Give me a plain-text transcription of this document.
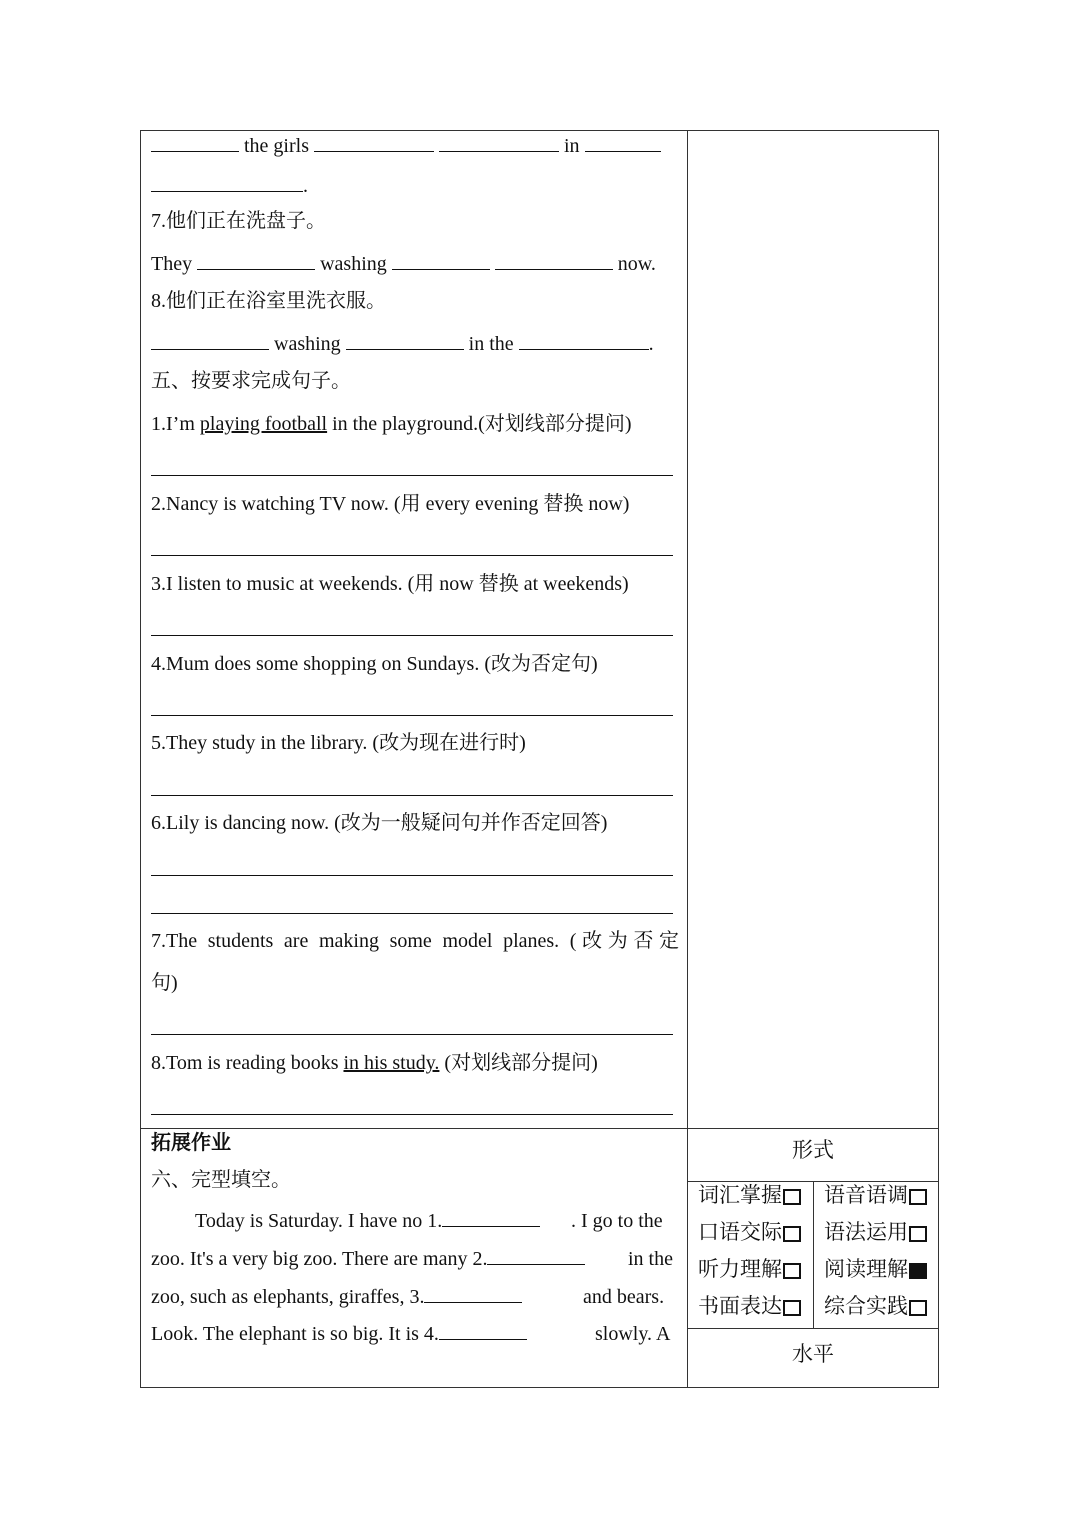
the girls	in
.
7.他们正在洗盘子。
They	washing	now.
8.他们正在浴室里洗衣服。
washing	in the	.
五、按要求完成句子。
1.I’m playing football in the playground.(对划线部分提问)
2.Nancy is watching TV now. (用 every evening 替换 now)
3.I listen to music at weekends. (用 now 替换 at weekends)
4.Mum does some shopping on Sundays. (改为否定句)
5.They study in the library. (改为现在进行时)
6.Lily is dancing now. (改为一般疑问句并作否定回答)
7.The students are making some model planes. (改为否定
句)
8.Tom is reading books in his study. (对划线部分提问)
拓展作业
六、完型填空。
Today is Saturday. I have no 1.	. I go to the
zoo. It's a very big zoo. There are many 2.	in the
zoo, such as elephants, giraffes, 3.	and bears.
Look. The elephant is so big. It is 4.	slowly. A
形式
水平
词汇掌握	语音语调
口语交际	语法运用
听力理解	阅读理解
书面表达	综合实践
